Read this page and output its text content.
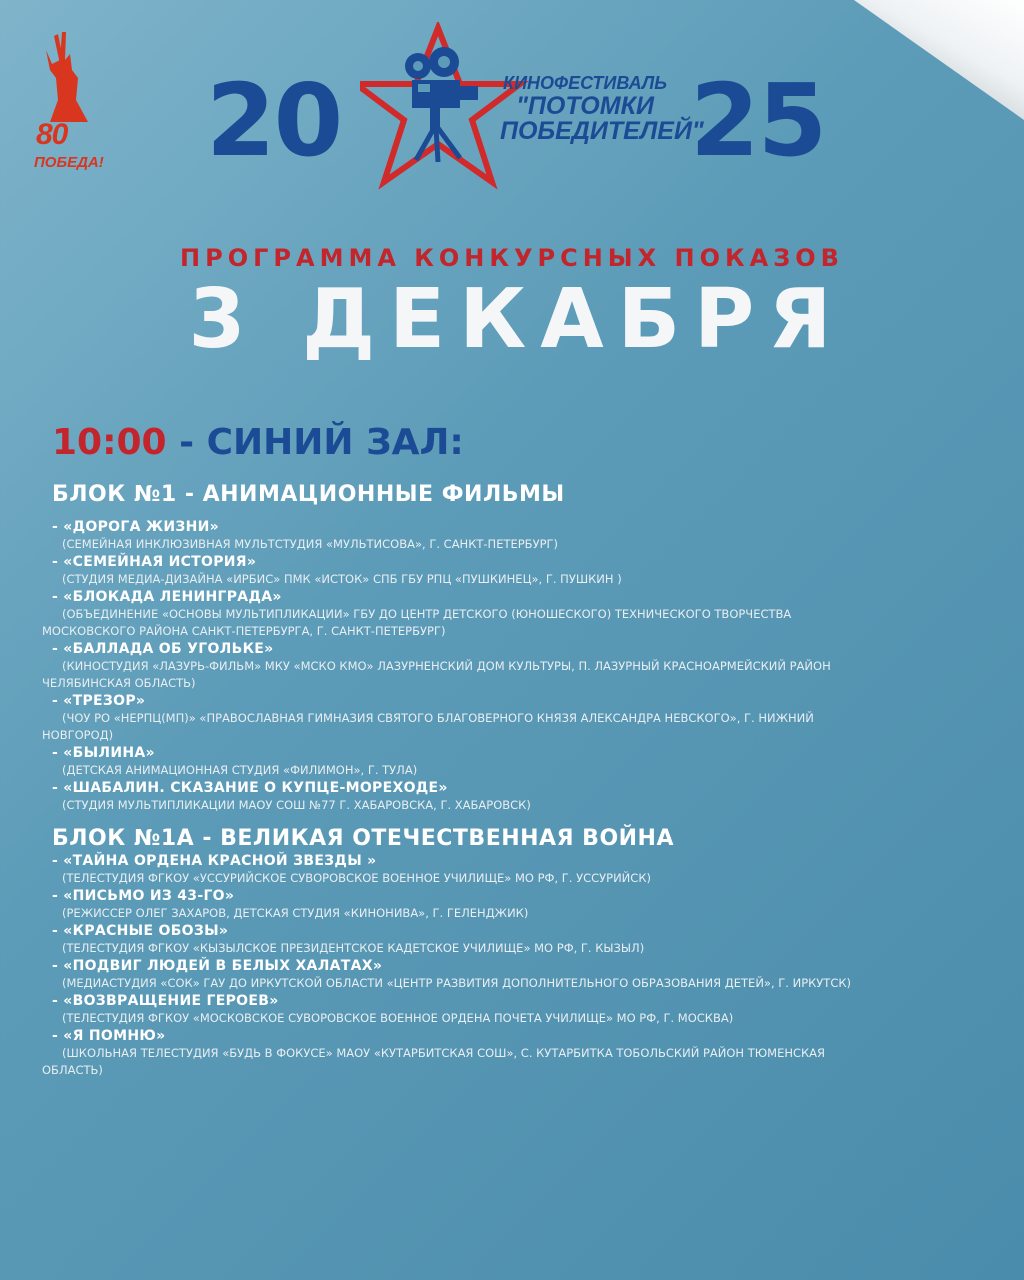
80
ПОБЕДА! 20	25
КИНОФЕСТИВАЛЬ
"ПОТОМКИ
ПОБЕДИТЕЛЕЙ"
ПРОГРАММА КОНКУРСНЫХ ПОКАЗОВ
3 ДЕКАБРЯ
10:00 - СИНИЙ ЗАЛ:
БЛОК №1 - АНИМАЦИОННЫЕ ФИЛЬМЫ
- «ДОРОГА ЖИЗНИ»
(СЕМЕЙНАЯ ИНКЛЮЗИВНАЯ МУЛЬТСТУДИЯ «МУЛЬТИСОВА», Г. САНКТ-ПЕТЕРБУРГ)
- «СЕМЕЙНАЯ ИСТОРИЯ»
(СТУДИЯ МЕДИА-ДИЗАЙНА «ИРБИС» ПМК «ИСТОК» СПБ ГБУ РПЦ «ПУШКИНЕЦ», Г. ПУШКИН )
- «БЛОКАДА ЛЕНИНГРАДА»
(ОБЪЕДИНЕНИЕ «ОСНОВЫ МУЛЬТИПЛИКАЦИИ» ГБУ ДО ЦЕНТР ДЕТСКОГО (ЮНОШЕСКОГО) ТЕХНИЧЕСКОГО ТВОРЧЕСТВА
МОСКОВСКОГО РАЙОНА САНКТ-ПЕТЕРБУРГА, Г. САНКТ-ПЕТЕРБУРГ)
- «БАЛЛАДА ОБ УГОЛЬКЕ»
(КИНОСТУДИЯ «ЛАЗУРЬ-ФИЛЬМ» МКУ «МСКО КМО» ЛАЗУРНЕНСКИЙ ДОМ КУЛЬТУРЫ, П. ЛАЗУРНЫЙ КРАСНОАРМЕЙСКИЙ РАЙОН
ЧЕЛЯБИНСКАЯ ОБЛАСТЬ)
- «ТРЕЗОР»
(ЧОУ РО «НЕРПЦ(МП)» «ПРАВОСЛАВНАЯ ГИМНАЗИЯ СВЯТОГО БЛАГОВЕРНОГО КНЯЗЯ АЛЕКСАНДРА НЕВСКОГО», Г. НИЖНИЙ
НОВГОРОД)
- «БЫЛИНА»
(ДЕТСКАЯ АНИМАЦИОННАЯ СТУДИЯ «ФИЛИМОН», Г. ТУЛА)
- «ШАБАЛИН. СКАЗАНИЕ О КУПЦЕ-МОРЕХОДЕ»
(СТУДИЯ МУЛЬТИПЛИКАЦИИ МАОУ СОШ №77 Г. ХАБАРОВСКА, Г. ХАБАРОВСК)
БЛОК №1А - ВЕЛИКАЯ ОТЕЧЕСТВЕННАЯ ВОЙНА
- «ТАЙНА ОРДЕНА КРАСНОЙ ЗВЕЗДЫ »
(ТЕЛЕСТУДИЯ ФГКОУ «УССУРИЙСКОЕ СУВОРОВСКОЕ ВОЕННОЕ УЧИЛИЩЕ» МО РФ, Г. УССУРИЙСК)
- «ПИСЬМО ИЗ 43-ГО»
(РЕЖИССЕР ОЛЕГ ЗАХАРОВ, ДЕТСКАЯ СТУДИЯ «КИНОНИВА», Г. ГЕЛЕНДЖИК)
- «КРАСНЫЕ ОБОЗЫ»
(ТЕЛЕСТУДИЯ ФГКОУ «КЫЗЫЛСКОЕ ПРЕЗИДЕНТСКОЕ КАДЕТСКОЕ УЧИЛИЩЕ» МО РФ, Г. КЫЗЫЛ)
- «ПОДВИГ ЛЮДЕЙ В БЕЛЫХ ХАЛАТАХ»
(МЕДИАСТУДИЯ «СОК» ГАУ ДО ИРКУТСКОЙ ОБЛАСТИ «ЦЕНТР РАЗВИТИЯ ДОПОЛНИТЕЛЬНОГО ОБРАЗОВАНИЯ ДЕТЕЙ», Г. ИРКУТСК)
- «ВОЗВРАЩЕНИЕ ГЕРОЕВ»
(ТЕЛЕСТУДИЯ ФГКОУ «МОСКОВСКОЕ СУВОРОВСКОЕ ВОЕННОЕ ОРДЕНА ПОЧЕТА УЧИЛИЩЕ» МО РФ, Г. МОСКВА)
- «Я ПОМНЮ»
(ШКОЛЬНАЯ ТЕЛЕСТУДИЯ «БУДЬ В ФОКУСЕ» МАОУ «КУТАРБИТСКАЯ СОШ», С. КУТАРБИТКА ТОБОЛЬСКИЙ РАЙОН ТЮМЕНСКАЯ
ОБЛАСТЬ)
